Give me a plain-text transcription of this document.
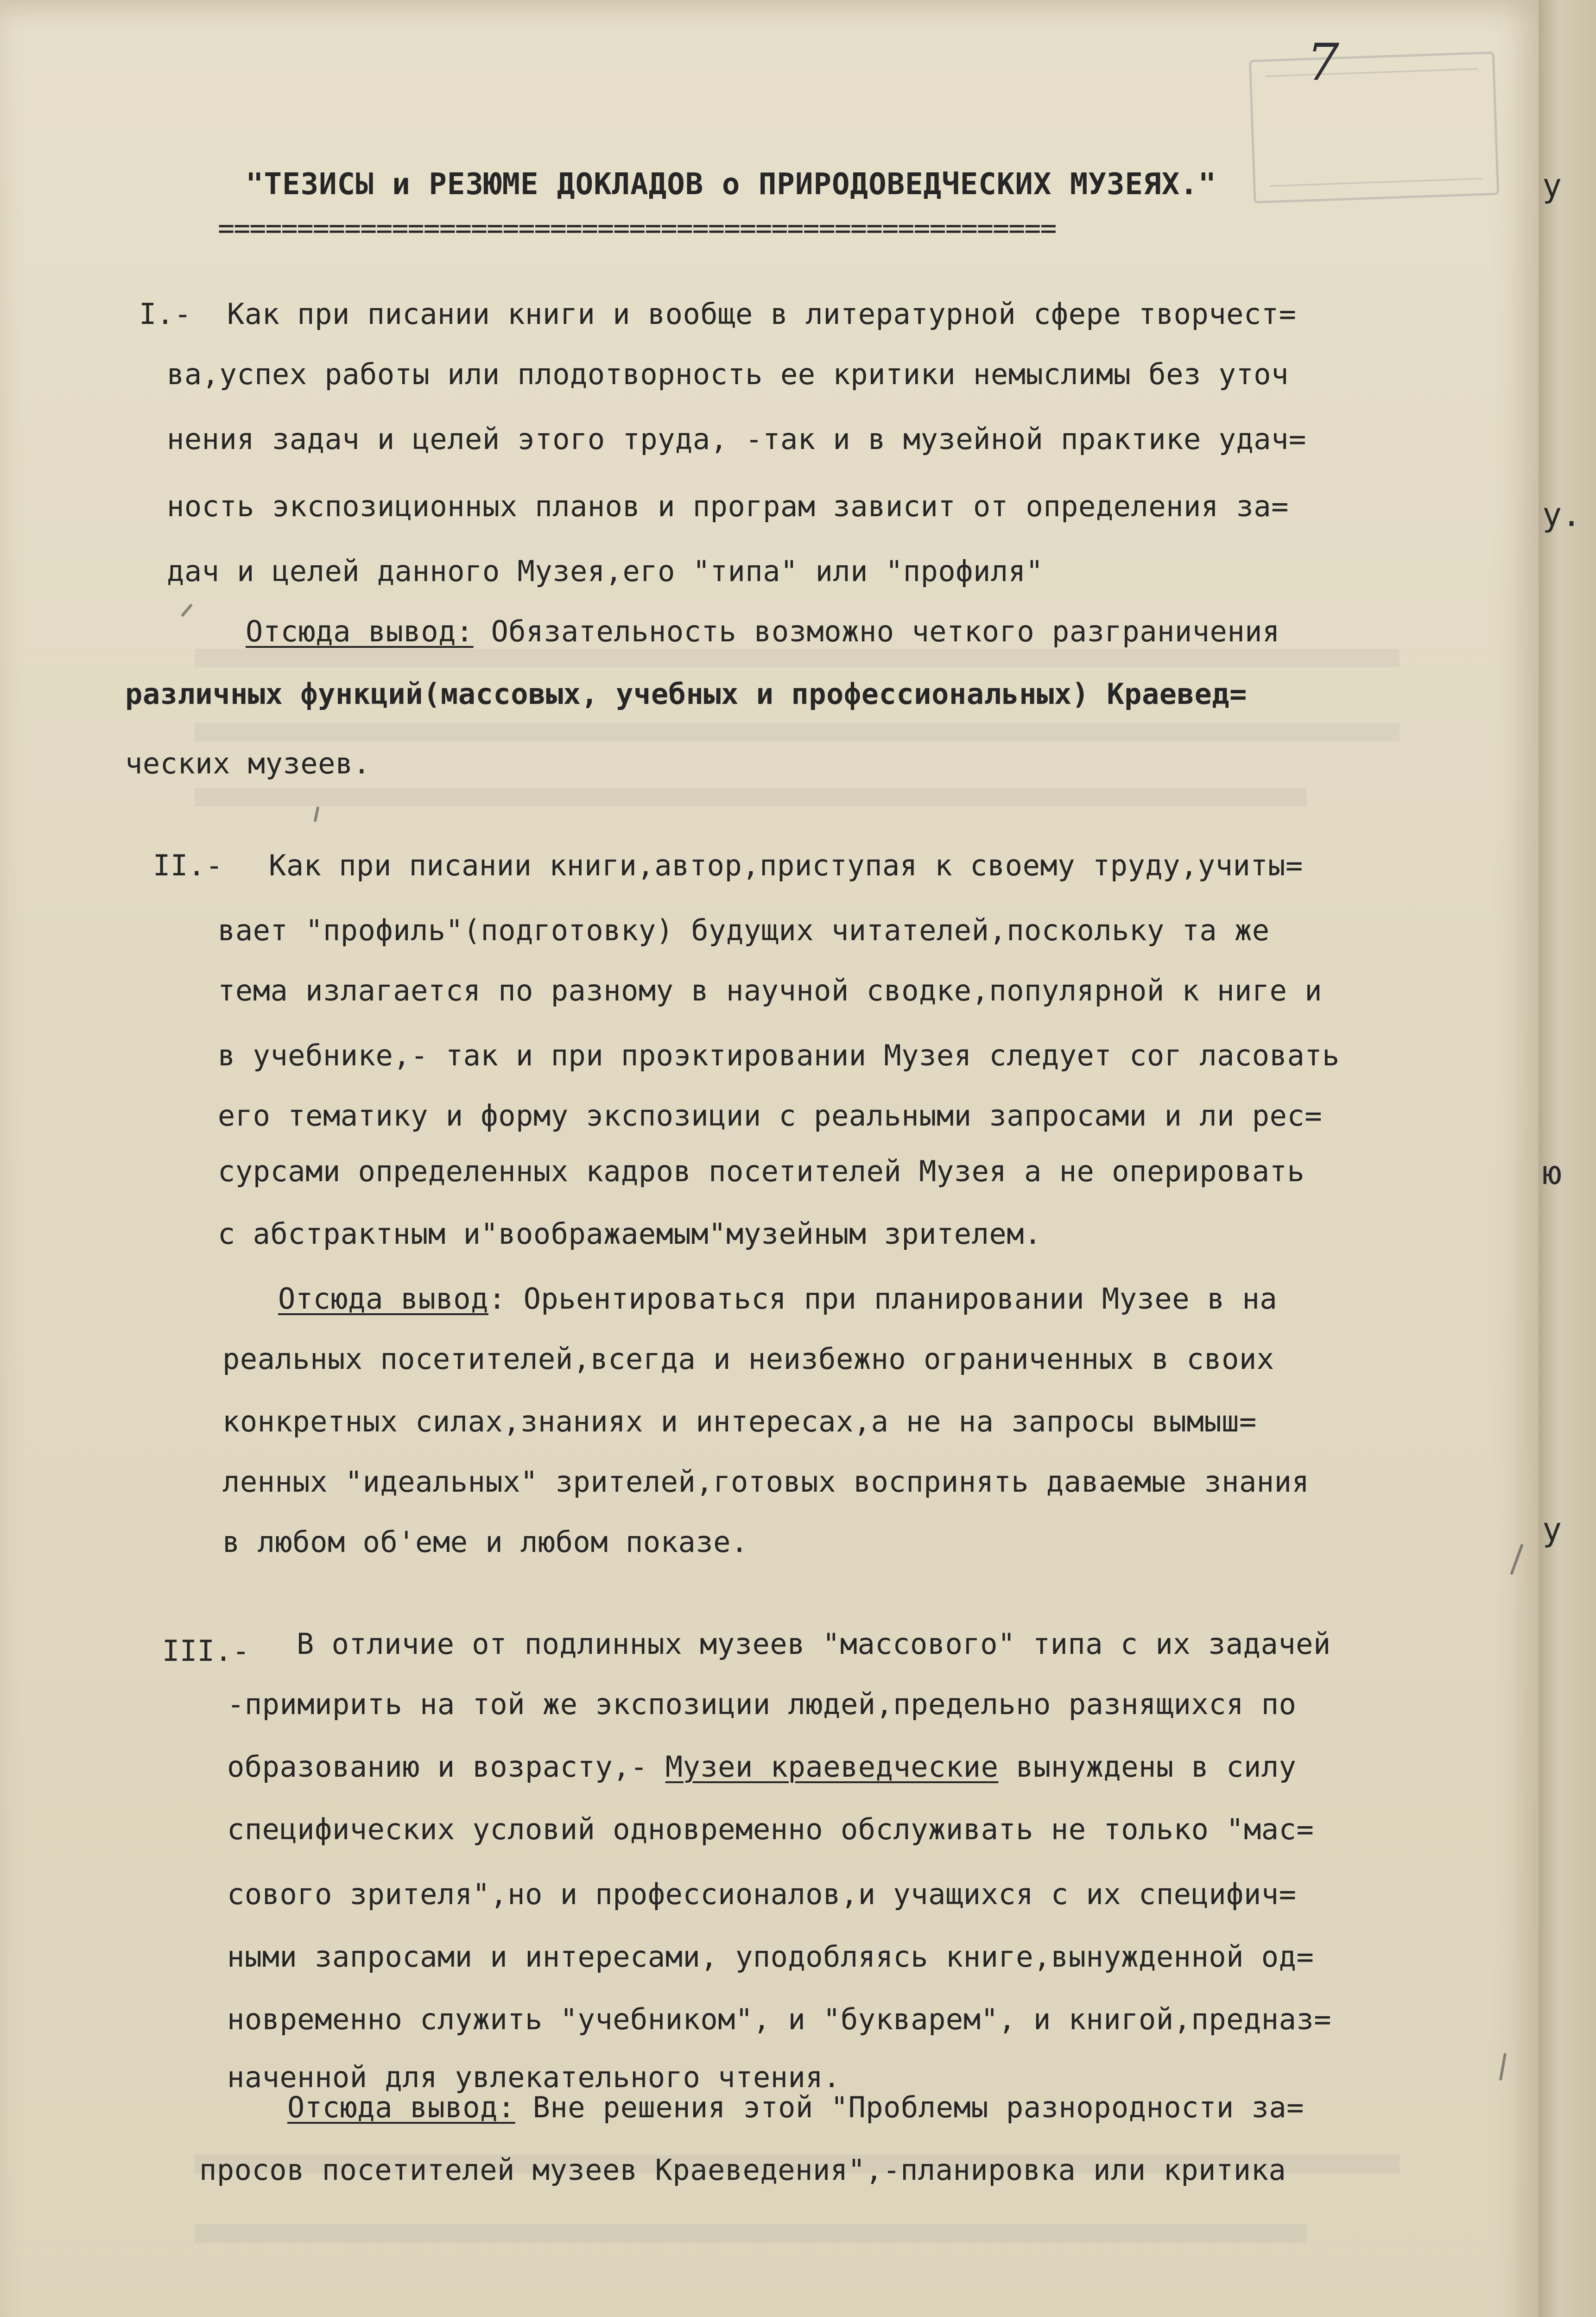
7

"ТЕЗИСЫ и РЕЗЮМЕ ДОКЛАДОВ о ПРИРОДОВЕДЧЕСКИХ МУЗЕЯХ."

=====================================================

I.- Как при писании книги и вообще в литературной сфере творчест=

ва,успех работы или плодотворность ее критики немыслимы без уточ

нения задач и целей этого труда, -так и в музейной практике удач=

ность экспозиционных планов и програм зависит от определения за=

дач и целей данного Музея,его "типа" или "профиля"

Отсюда вывод: Обязательность возможно четкого разграничения

различных функций(массовых, учебных и профессиональных) Краевед=

ческих музеев.

II.- Как при писании книги,автор,приступая к своему труду,учиты=

вает "профиль"(подготовку) будущих читателей,поскольку та же

тема излагается по разному в научной сводке,популярной к ниге и

в учебнике,- так и при проэктировании Музея следует сог ласовать

его тематику и форму экспозиции с реальными запросами и ли рес=

сурсами определенных кадров посетителей Музея а не оперировать

с абстрактным и"воображаемым"музейным зрителем.

Отсюда вывод: Орьентироваться при планировании Музее в на

реальных посетителей,всегда и неизбежно ограниченных в своих

конкретных силах,знаниях и интересах,а не на запросы вымыш=

ленных "идеальных" зрителей,готовых воспринять даваемые знания

в любом об'еме и любом показе.

III.- В отличие от подлинных музеев "массового" типа с их задачей

-примирить на той же экспозиции людей,предельно разнящихся по

образованию и возрасту,- Музеи краеведческие вынуждены в силу

специфических условий одновременно обслуживать не только "мас=

сового зрителя",но и профессионалов,и учащихся с их специфич=

ными запросами и интересами, уподобляясь книге,вынужденной од=

новременно служить "учебником", и "букварем", и книгой,предназ=

наченной для увлекательного чтения.

Отсюда вывод: Вне решения этой "Проблемы разнородности за=

просов посетителей музеев Краеведения",-планировка или критика

у
у.
ю
у
